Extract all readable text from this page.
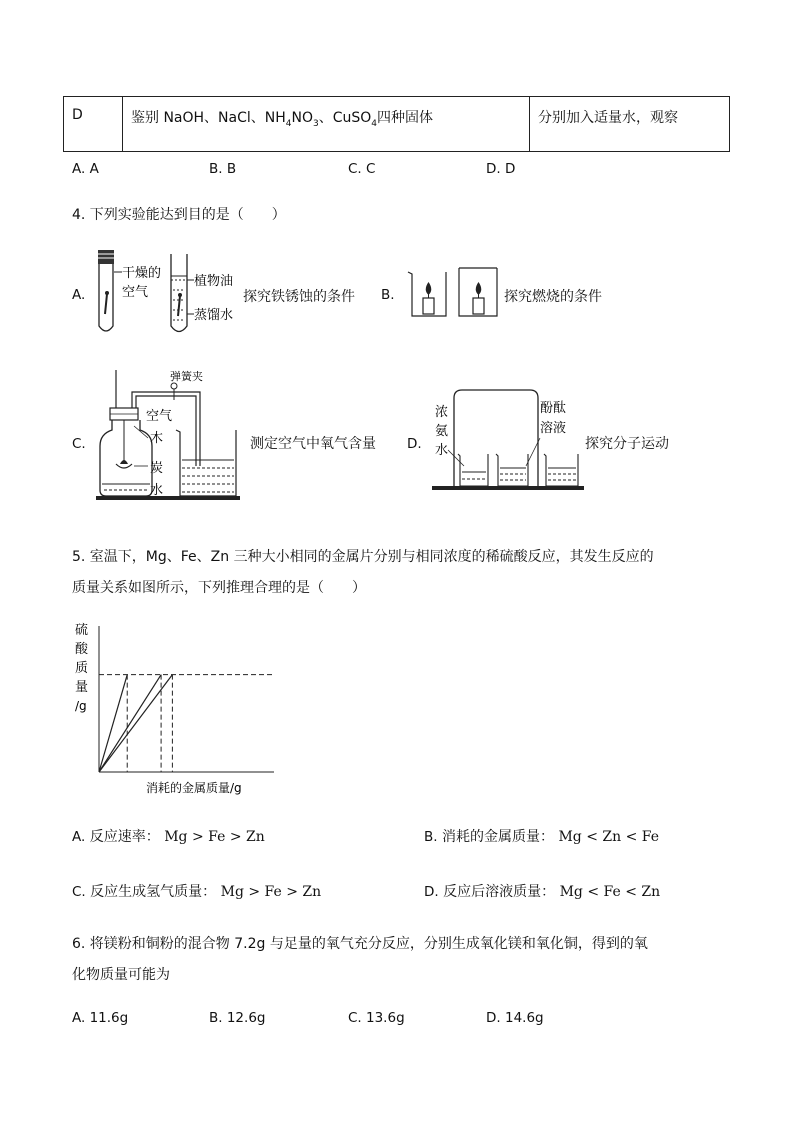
D	鉴别 NaOH、NaCl、$NH_4NO_3$、CuSO$_4$四种固体	分别加入适量水，观察
A. A	B. B	C. C	D. D
4. 下列实验能达到目的是（　　）
A.
干燥的
空气
植物油
蒸馏水
探究铁锈蚀的条件 B.	探究燃烧的条件
C.
弹簧夹
空气
木
炭
水
测定空气中氧气含量 D.
浓
氨
水
酚酞
溶液
探究分子运动
5. 室温下，Mg、Fe、Zn 三种大小相同的金属片分别与相同浓度的稀硫酸反应，其发生反应的
质量关系如图所示，下列推理合理的是（　　）
硫
酸
质
量
/g
消耗的金属质量/g
A. 反应速率： Mg > Fe > Zn	B. 消耗的金属质量： Mg < Zn < Fe
C. 反应生成氢气质量： Mg > Fe > Zn	D. 反应后溶液质量： Mg < Fe < Zn
6. 将镁粉和铜粉的混合物 7.2g 与足量的氧气充分反应，分别生成氧化镁和氧化铜，得到的氧
化物质量可能为
A. 11.6g	B. 12.6g	C. 13.6g	D. 14.6g
